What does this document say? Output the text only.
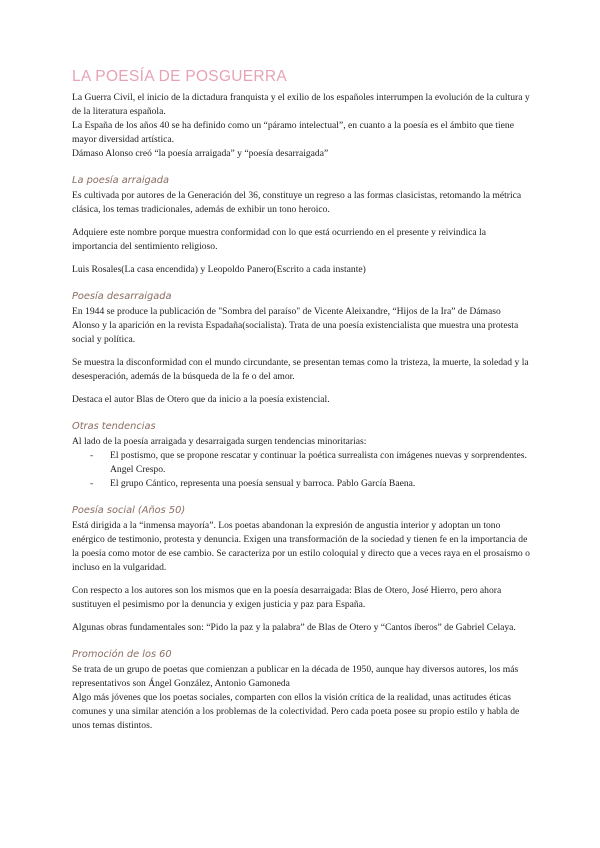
LA POESÍA DE POSGUERRA

La Guerra Civil, el inicio de la dictadura franquista y el exilio de los españoles interrumpen la evolución de la cultura y de la literatura española.

La España de los años 40 se ha definido como un “páramo intelectual”, en cuanto a la poesía es el ámbito que tiene mayor diversidad artística.

Dámaso Alonso creó “la poesía arraigada” y “poesía desarraigada”

La poesía arraigada

Es cultivada por autores de la Generación del 36, constituye un regreso a las formas clasicistas, retomando la métrica clásica, los temas tradicionales, además de exhibir un tono heroico.

Adquiere este nombre porque muestra conformidad con lo que está ocurriendo en el presente y reivindica la importancia del sentimiento religioso.

Luis Rosales(La casa encendida) y Leopoldo Panero(Escrito a cada instante)

Poesía desarraigada

En 1944 se produce la publicación de "Sombra del paraíso" de Vicente Aleixandre, “Hijos de la Ira” de Dámaso Alonso y la aparición en la revista Espadaña(socialista). Trata de una poesía existencialista que muestra una protesta social y política.

Se muestra la disconformidad con el mundo circundante, se presentan temas como la tristeza, la muerte, la soledad y la desesperación, además de la búsqueda de la fe o del amor.

Destaca el autor Blas de Otero que da inicio a la poesía existencial.

Otras tendencias

Al lado de la poesía arraigada y desarraigada surgen tendencias minoritarias:

- El postismo, que se propone rescatar y continuar la poética surrealista con imágenes nuevas y sorprendentes. Angel Crespo.
- El grupo Cántico, representa una poesía sensual y barroca. Pablo García Baena.
Poesía social (Años 50)

Está dirigida a la “inmensa mayoría”. Los poetas abandonan la expresión de angustia interior y adoptan un tono enérgico de testimonio, protesta y denuncia. Exigen una transformación de la sociedad y tienen fe en la importancia de la poesía como motor de ese cambio. Se caracteriza por un estilo coloquial y directo que a veces raya en el prosaismo o incluso en la vulgaridad.

Con respecto a los autores son los mismos que en la poesía desarraigada: Blas de Otero, José Hierro, pero ahora sustituyen el pesimismo por la denuncia y exigen justicia y paz para España.

Algunas obras fundamentales son: “Pido la paz y la palabra” de Blas de Otero y “Cantos íberos” de Gabriel Celaya.

Promoción de los 60

Se trata de un grupo de poetas que comienzan a publicar en la década de 1950, aunque hay diversos autores, los más representativos son Ángel González, Antonio Gamoneda

Algo más jóvenes que los poetas sociales, comparten con ellos la visión crítica de la realidad, unas actitudes éticas comunes y una similar atención a los problemas de la colectividad. Pero cada poeta posee su propio estilo y habla de unos temas distintos.
